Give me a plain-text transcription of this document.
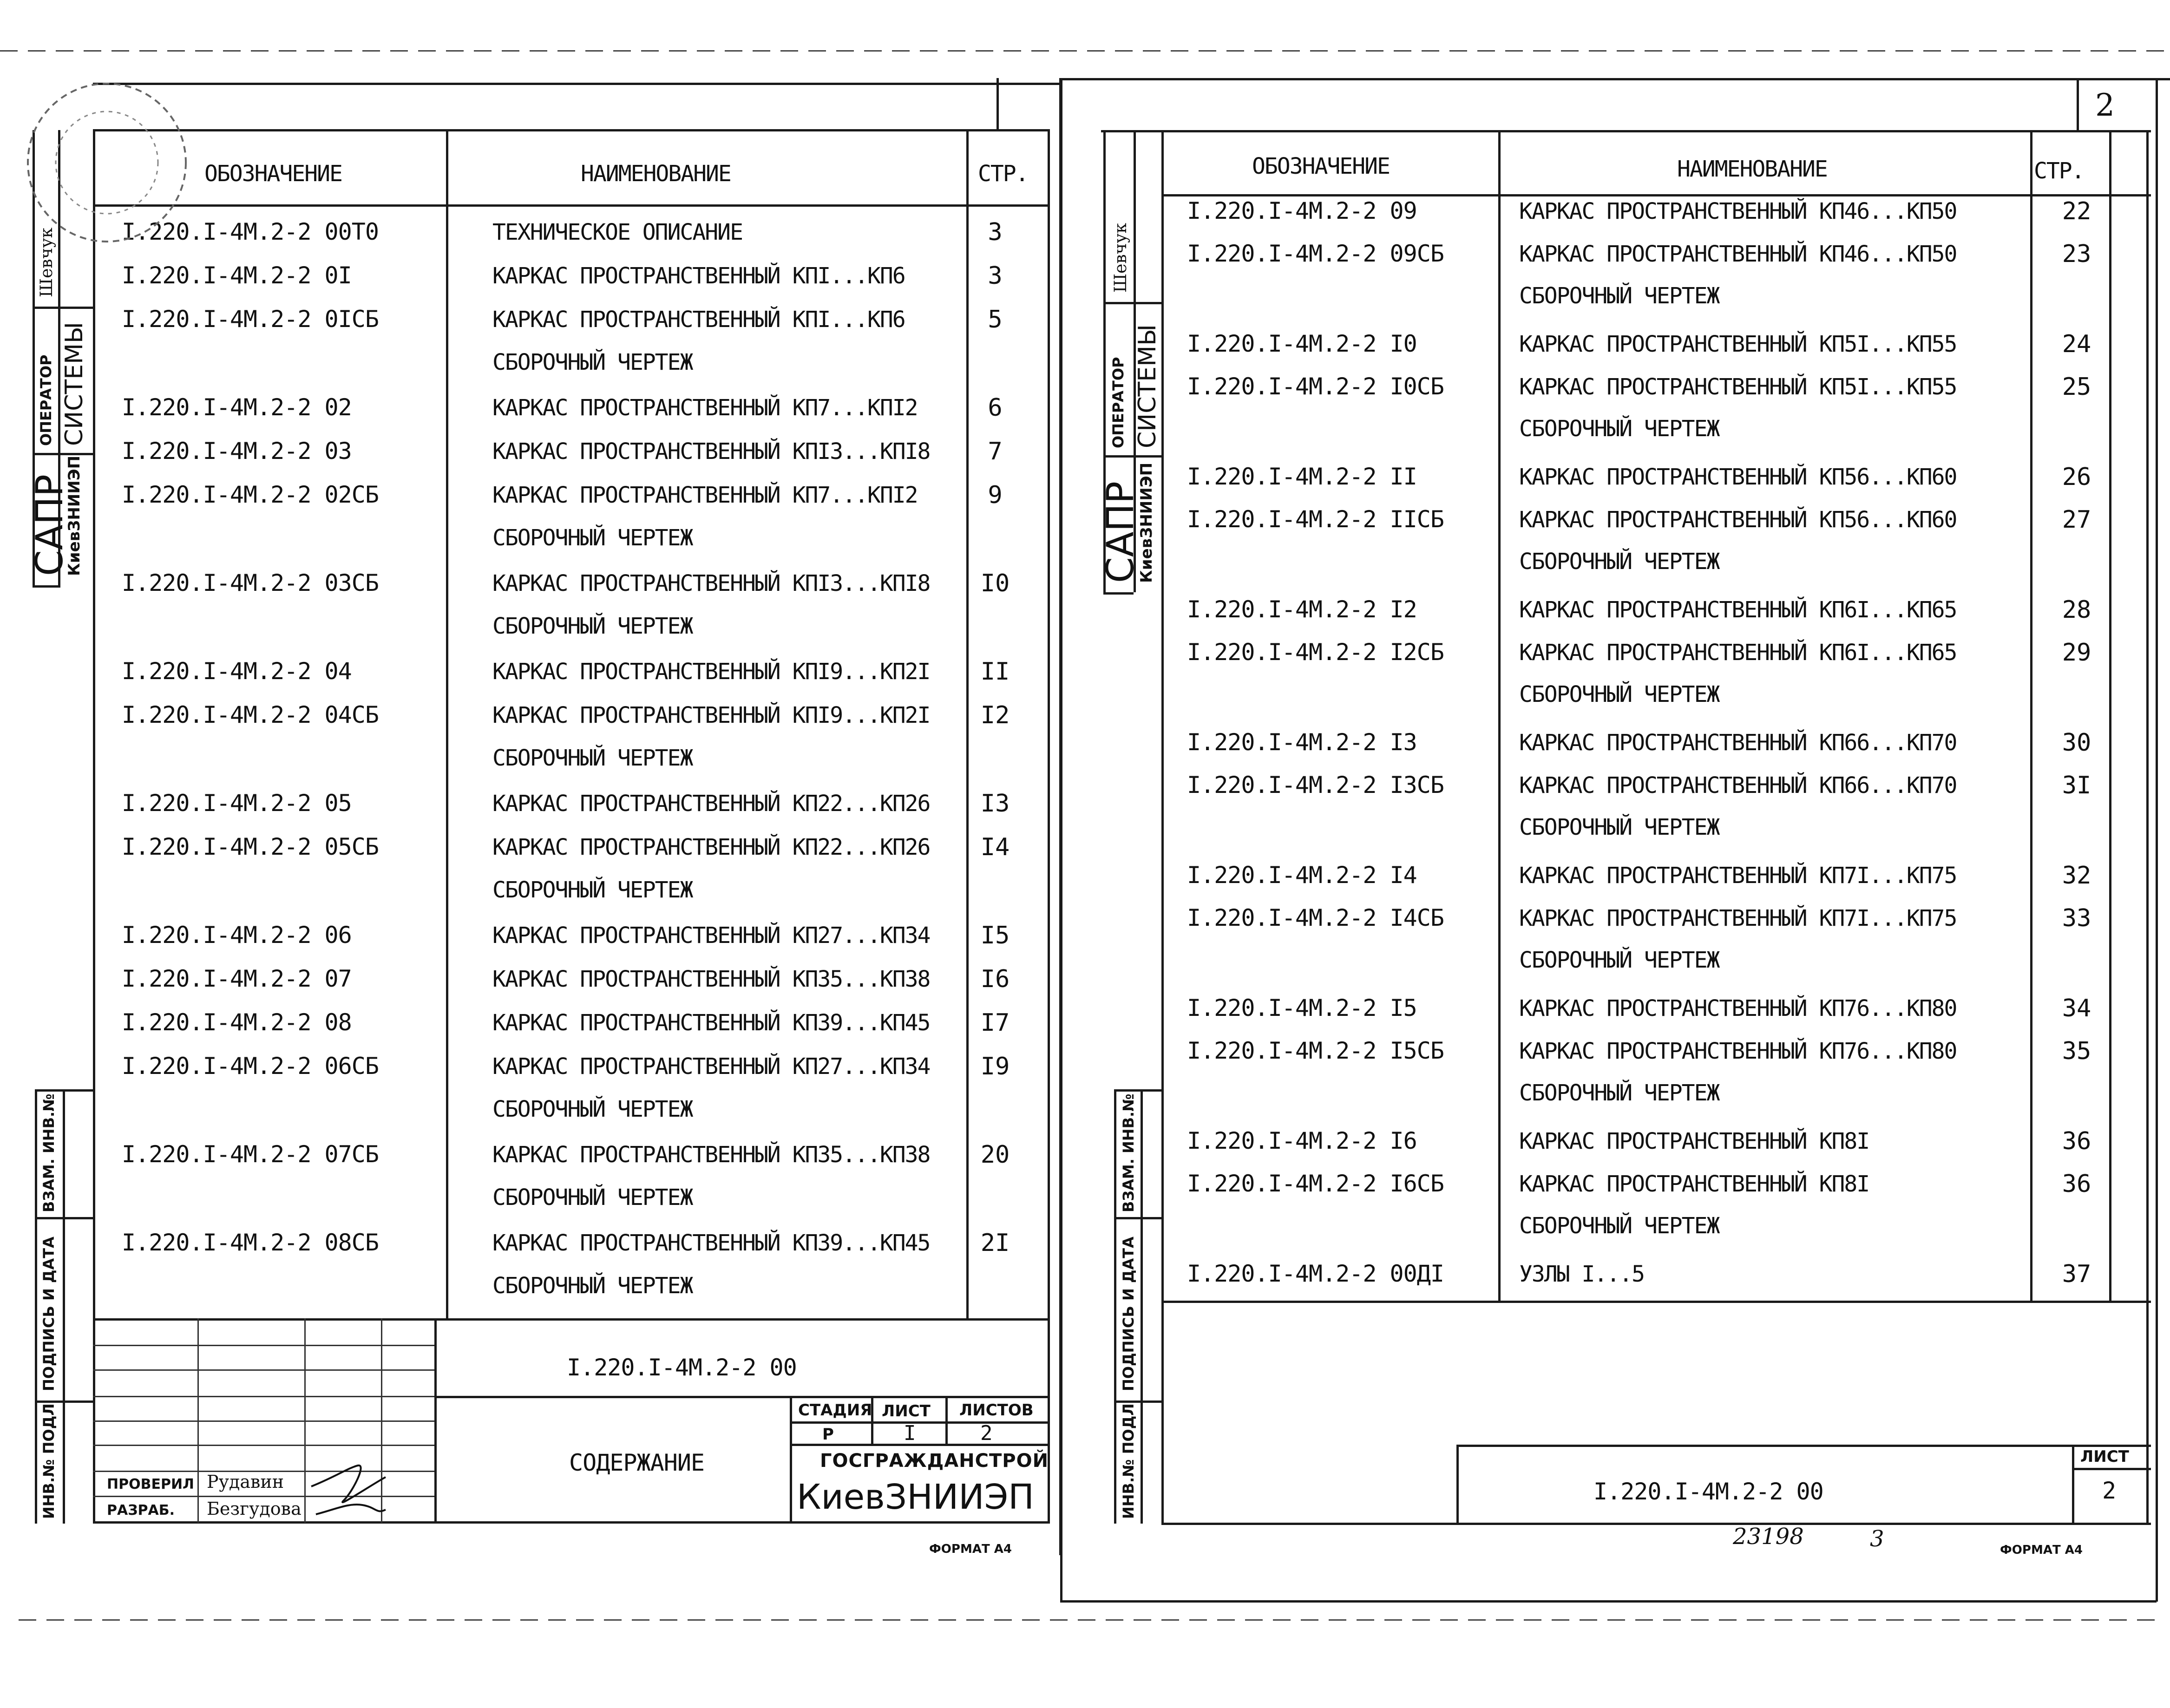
ОБОЗНАЧЕНИЕ	НАИМЕНОВАНИЕ	СТР.
I.220.I-4M.2-2 00T0	ТЕХНИЧЕСКОЕ ОПИСАНИЕ	3
I.220.I-4M.2-2 0I	КАРКАС ПРОСТРАНСТВЕННЫЙ КПI...КП6	3
I.220.I-4M.2-2 0IСБ	КАРКАС ПРОСТРАНСТВЕННЫЙ КПI...КП6	5
СБОРОЧНЫЙ ЧЕРТЕЖ
I.220.I-4M.2-2 02	КАРКАС ПРОСТРАНСТВЕННЫЙ КП7...КПI2	6
I.220.I-4M.2-2 03	КАРКАС ПРОСТРАНСТВЕННЫЙ КПI3...КПI8	7
I.220.I-4M.2-2 02СБ	КАРКАС ПРОСТРАНСТВЕННЫЙ КП7...КПI2	9
СБОРОЧНЫЙ ЧЕРТЕЖ
I.220.I-4M.2-2 03СБ	КАРКАС ПРОСТРАНСТВЕННЫЙ КПI3...КПI8	I0
СБОРОЧНЫЙ ЧЕРТЕЖ
I.220.I-4M.2-2 04	КАРКАС ПРОСТРАНСТВЕННЫЙ КПI9...КП2I	II
I.220.I-4M.2-2 04СБ	КАРКАС ПРОСТРАНСТВЕННЫЙ КПI9...КП2I	I2
СБОРОЧНЫЙ ЧЕРТЕЖ
I.220.I-4M.2-2 05	КАРКАС ПРОСТРАНСТВЕННЫЙ КП22...КП26	I3
I.220.I-4M.2-2 05СБ	КАРКАС ПРОСТРАНСТВЕННЫЙ КП22...КП26	I4
СБОРОЧНЫЙ ЧЕРТЕЖ
I.220.I-4M.2-2 06	КАРКАС ПРОСТРАНСТВЕННЫЙ КП27...КП34	I5
I.220.I-4M.2-2 07	КАРКАС ПРОСТРАНСТВЕННЫЙ КП35...КП38	I6
I.220.I-4M.2-2 08	КАРКАС ПРОСТРАНСТВЕННЫЙ КП39...КП45	I7
I.220.I-4M.2-2 06СБ	КАРКАС ПРОСТРАНСТВЕННЫЙ КП27...КП34	I9
СБОРОЧНЫЙ ЧЕРТЕЖ
I.220.I-4M.2-2 07СБ	КАРКАС ПРОСТРАНСТВЕННЫЙ КП35...КП38	20
СБОРОЧНЫЙ ЧЕРТЕЖ
I.220.I-4M.2-2 08СБ	КАРКАС ПРОСТРАНСТВЕННЫЙ КП39...КП45	2I
СБОРОЧНЫЙ ЧЕРТЕЖ
I.220.I-4M.2-2 00
СОДЕРЖАНИЕ
СТАДИЯ ЛИСТ ЛИСТОВ
Р	I	2
ГОСГРАЖДАНСТРОЙ
КиевЗНИИЭП
ПРОВЕРИЛ Рудавин
РАЗРАБ. Безгудова
ФОРМАТ А4
САПР
КиевЗНИИЭП
ОПЕРАТОР СИСТЕМЫ
Шевчук
ВЗАМ. ИНВ.№
ПОДПИСЬ И ДАТА
ИНВ.№ ПОДЛ
2
ОБОЗНАЧЕНИЕ	НАИМЕНОВАНИЕ	СТР.
I.220.I-4M.2-2 09	КАРКАС ПРОСТРАНСТВЕННЫЙ КП46...КП50	22
I.220.I-4M.2-2 09СБ	КАРКАС ПРОСТРАНСТВЕННЫЙ КП46...КП50	23
СБОРОЧНЫЙ ЧЕРТЕЖ
I.220.I-4M.2-2 I0	КАРКАС ПРОСТРАНСТВЕННЫЙ КП5I...КП55	24
I.220.I-4M.2-2 I0СБ	КАРКАС ПРОСТРАНСТВЕННЫЙ КП5I...КП55	25
СБОРОЧНЫЙ ЧЕРТЕЖ
I.220.I-4M.2-2 II	КАРКАС ПРОСТРАНСТВЕННЫЙ КП56...КП60	26
I.220.I-4M.2-2 IIСБ	КАРКАС ПРОСТРАНСТВЕННЫЙ КП56...КП60	27
СБОРОЧНЫЙ ЧЕРТЕЖ
I.220.I-4M.2-2 I2	КАРКАС ПРОСТРАНСТВЕННЫЙ КП6I...КП65	28
I.220.I-4M.2-2 I2СБ	КАРКАС ПРОСТРАНСТВЕННЫЙ КП6I...КП65	29
СБОРОЧНЫЙ ЧЕРТЕЖ
I.220.I-4M.2-2 I3	КАРКАС ПРОСТРАНСТВЕННЫЙ КП66...КП70	30
I.220.I-4M.2-2 I3СБ	КАРКАС ПРОСТРАНСТВЕННЫЙ КП66...КП70	3I
СБОРОЧНЫЙ ЧЕРТЕЖ
I.220.I-4M.2-2 I4	КАРКАС ПРОСТРАНСТВЕННЫЙ КП7I...КП75	32
I.220.I-4M.2-2 I4СБ	КАРКАС ПРОСТРАНСТВЕННЫЙ КП7I...КП75	33
СБОРОЧНЫЙ ЧЕРТЕЖ
I.220.I-4M.2-2 I5	КАРКАС ПРОСТРАНСТВЕННЫЙ КП76...КП80	34
I.220.I-4M.2-2 I5СБ	КАРКАС ПРОСТРАНСТВЕННЫЙ КП76...КП80	35
СБОРОЧНЫЙ ЧЕРТЕЖ
I.220.I-4M.2-2 I6	КАРКАС ПРОСТРАНСТВЕННЫЙ КП8I	36
I.220.I-4M.2-2 I6СБ	КАРКАС ПРОСТРАНСТВЕННЫЙ КП8I	36
СБОРОЧНЫЙ ЧЕРТЕЖ
I.220.I-4M.2-2 00ДI	УЗЛЫ I...5	37
I.220.I-4M.2-2 00
ЛИСТ
2
23198	3	ФОРМАТ А4
САПР
КиевЗНИИЭП
ОПЕРАТОР СИСТЕМЫ
Шевчук
ВЗАМ. ИНВ.№
ПОДПИСЬ И ДАТА
ИНВ.№ ПОДЛ
